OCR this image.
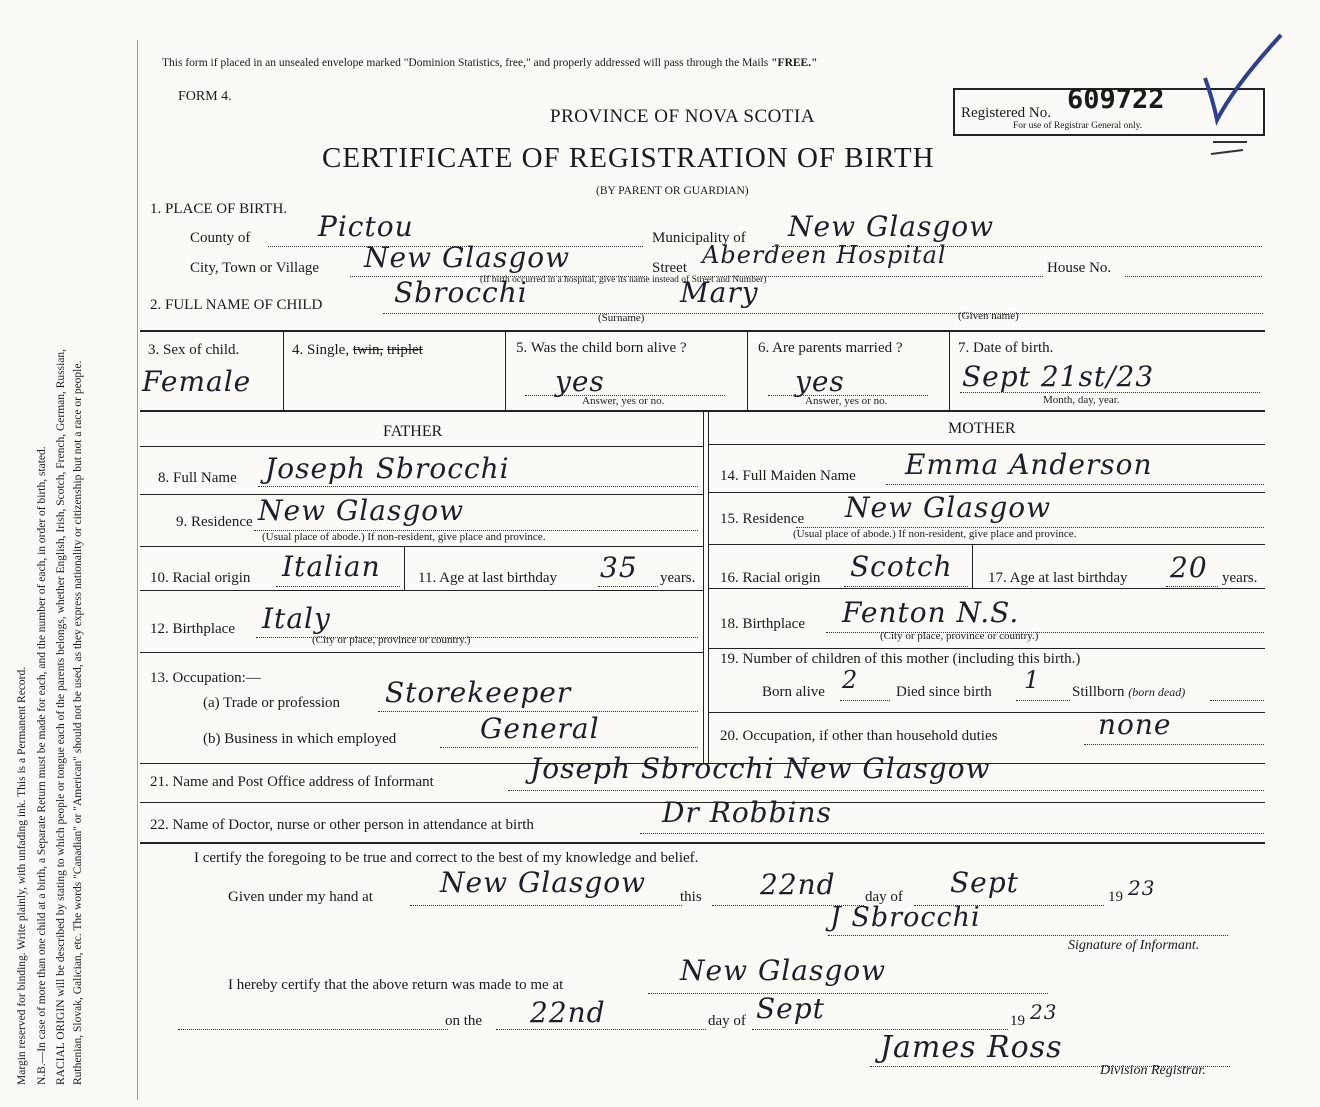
Margin reserved for binding. Write plainly, with unfading ink. This is a Permanent Record. N.B.—In case of more than one child at a birth, a Separate Return must be made for each, and the number of each, in order of birth, stated. RACIAL ORIGIN will be described by stating to which people or tongue each of the parents belongs, whether English, Irish, Scotch, French, German, Russian, Ruthenian, Slovak, Galician, etc. The words "Canadian" or "American" should not be used, as they express nationality or citizenship but not a race or people.
This form if placed in an unsealed envelope marked "Dominion Statistics, free," and properly addressed will pass through the Mails "FREE."
FORM 4.
PROVINCE OF NOVA SCOTIA
CERTIFICATE OF REGISTRATION OF BIRTH
(BY PARENT OR GUARDIAN)
Registered No. 609722
For use of Registrar General only.
1. PLACE OF BIRTH.
County of Pictou	Municipality of New Glasgow
City, Town or Village New Glasgow	Street Aberdeen Hospital	House No.
(If birth occurred in a hospital, give its name instead of Street and Number)
2. FULL NAME OF CHILD	Sbrocchi	Mary
(Surname)	(Given name)
3. Sex of child.
Female
4. Single, twin, triplet	5. Was the child born alive ?
yes
Answer, yes or no.
6. Are parents married ?
yes
Answer, yes or no.
7. Date of birth.
Sept 21st/23
Month, day, year.
FATHER	MOTHER
8. Full Name Joseph Sbrocchi	14. Full Maiden Name Emma Anderson
9. Residence New Glasgow
(Usual place of abode.) If non-resident, give place and province.
15. Residence New Glasgow
(Usual place of abode.) If non-resident, give place and province.
10. Racial origin Italian 11. Age at last birthday 35 years. 16. Racial origin Scotch 17. Age at last birthday 20 years.
12. Birthplace Italy
(City or place, province or country.)
18. Birthplace Fenton N.S.
(City or place, province or country.)
13. Occupation:—
(a) Trade or profession Storekeeper
(b) Business in which employed	General
19. Number of children of this mother (including this birth.)
Born alive 2	Died since birth 1 Stillborn (born dead)
20. Occupation, if other than household duties	none
21. Name and Post Office address of Informant	Joseph Sbrocchi New Glasgow
22. Name of Doctor, nurse or other person in attendance at birth	Dr Robbins
I certify the foregoing to be true and correct to the best of my knowledge and belief.
Given under my hand at New Glasgow this 22nd day of Sept	19 23
J Sbrocchi
Signature of Informant.
I hereby certify that the above return was made to me at	New Glasgow
on the 22nd	day of Sept	19 23
James Ross
Division Registrar.
